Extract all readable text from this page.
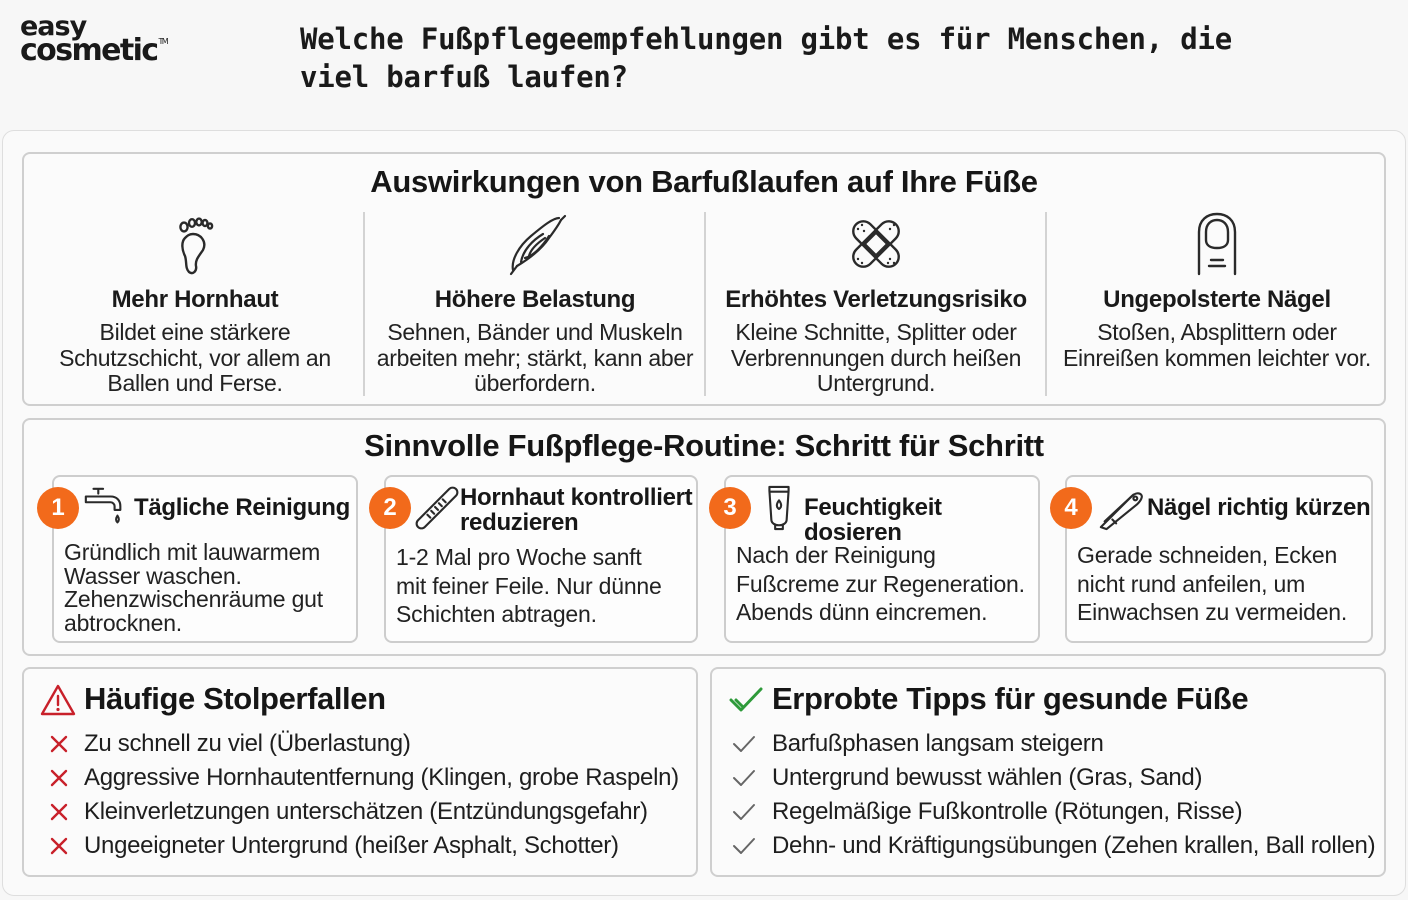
easy
cosmetic™	Welche Fußpflegeempfehlungen gibt es für Menschen, die viel barfuß laufen?
Auswirkungen von Barfußlaufen auf Ihre Füße
Mehr Hornhaut
Bildet eine stärkere Schutzschicht, vor allem an Ballen und Ferse.
Höhere Belastung
Sehnen, Bänder und Muskeln arbeiten mehr; stärkt, kann aber überfordern.
Erhöhtes Verletzungsrisiko
Kleine Schnitte, Splitter oder Verbrennungen durch heißen Untergrund.
Ungepolsterte Nägel
Stoßen, Absplittern oder Einreißen kommen leichter vor.
Sinnvolle Fußpflege-Routine: Schritt für Schritt
1	Tägliche Reinigung
Gründlich mit lauwarmem
Wasser waschen.
Zehenzwischenräume gut
abtrocknen.
2	Hornhaut kontrolliert
reduzieren
1-2 Mal pro Woche sanft
mit feiner Feile. Nur dünne
Schichten abtragen.
3	Feuchtigkeit dosieren
Nach der Reinigung
Fußcreme zur Regeneration.
Abends dünn eincremen.
4	Nägel richtig kürzen
Gerade schneiden, Ecken
nicht rund anfeilen, um
Einwachsen zu vermeiden.
Häufige Stolperfallen
Zu schnell zu viel (Überlastung)
Aggressive Hornhautentfernung (Klingen, grobe Raspeln)
Kleinverletzungen unterschätzen (Entzündungsgefahr)
Ungeeigneter Untergrund (heißer Asphalt, Schotter)
Erprobte Tipps für gesunde Füße
Barfußphasen langsam steigern
Untergrund bewusst wählen (Gras, Sand)
Regelmäßige Fußkontrolle (Rötungen, Risse)
Dehn- und Kräftigungsübungen (Zehen krallen, Ball rollen)
